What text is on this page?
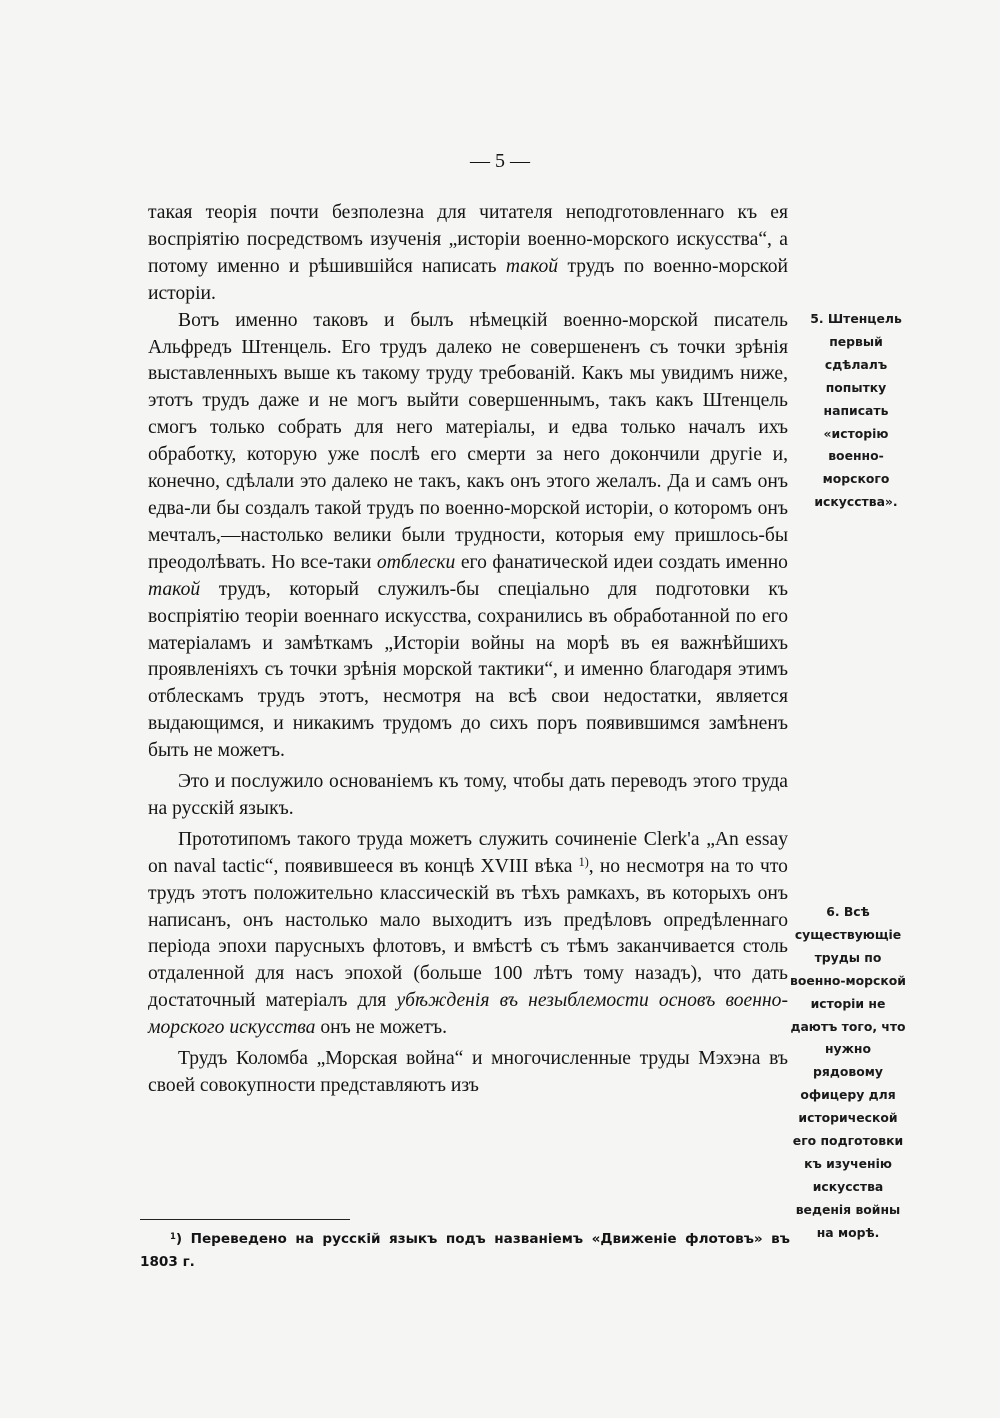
— 5 —

такая теорія почти безполезна для читателя неподготовленнаго къ ея воспріятію посредствомъ изученія „исторіи военно-морского искусства“, а потому именно и рѣшившійся написать такой трудъ по военно-морской исторіи.

Вотъ именно таковъ и былъ нѣмецкій военно-морской писатель Альфредъ Штенцель. Его трудъ далеко не совершененъ съ точки зрѣнія выставленныхъ выше къ такому труду требованій. Какъ мы увидимъ ниже, этотъ трудъ даже и не могъ выйти совершеннымъ, такъ какъ Штенцель смогъ только собрать для него матеріалы, и едва только началъ ихъ обработку, которую уже послѣ его смерти за него докончили другіе и, конечно, сдѣлали это далеко не такъ, какъ онъ этого желалъ. Да и самъ онъ едва-ли бы создалъ такой трудъ по военно-морской исторіи, о которомъ онъ мечталъ,—настолько велики были трудности, которыя ему пришлось-бы преодолѣвать. Но все-таки отблески его фанатической идеи создать именно такой трудъ, который служилъ-бы спеціально для подготовки къ воспріятію теоріи военнаго искусства, сохранились въ обработанной по его матеріаламъ и замѣткамъ „Исторіи войны на морѣ въ ея важнѣйшихъ проявленіяхъ съ точки зрѣнія морской тактики“, и именно благодаря этимъ отблескамъ трудъ этотъ, несмотря на всѣ свои недостатки, является выдающимся, и никакимъ трудомъ до сихъ поръ появившимся замѣненъ быть не можетъ.

Это и послужило основаніемъ къ тому, чтобы дать переводъ этого труда на русскій языкъ.

Прототипомъ такого труда можетъ служить сочиненіе Clerk'a „An essay on naval tactic“, появившееся въ концѣ XVIII вѣка $^{1)}$, но несмотря на то что трудъ этотъ положительно классическій въ тѣхъ рамкахъ, въ которыхъ онъ написанъ, онъ настолько мало выходитъ изъ предѣловъ опредѣленнаго періода эпохи парусныхъ флотовъ, и вмѣстѣ съ тѣмъ заканчивается столь отдаленной для насъ эпохой (больше 100 лѣтъ тому назадъ), что дать достаточный матеріалъ для убѣжденія въ незыблемости основъ военно-морского искусства онъ не можетъ.

Трудъ Коломба „Морская война“ и многочисленные труды Мэхэна въ своей совокупности представляютъ изъ

5. Штенцель первый сдѣлалъ попытку написать «исторію военно-морского искусства».
6. Всѣ существующіе труды по военно-морской исторіи не даютъ того, что нужно рядовому офицеру для исторической его подготовки къ изученію искусства веденія войны на морѣ.

$^1$) Переведено на русскій языкъ подъ названіемъ «Движеніе флотовъ» въ 1803 г.
